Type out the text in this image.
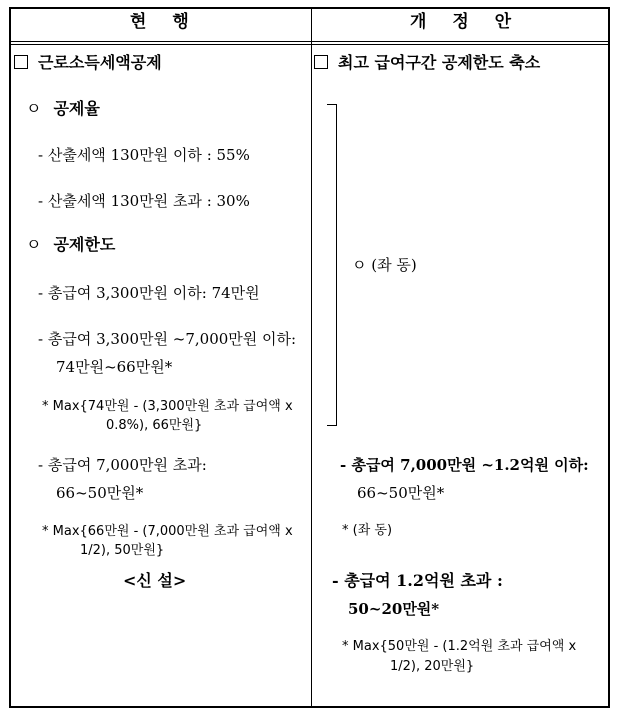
현 행	개 정 안
근로소득세액공제
ㅇ 공제율
- 산출세액 130만원 이하 : 55%
- 산출세액 130만원 초과 : 30%
ㅇ 공제한도
- 총급여 3,300만원 이하: 74만원
- 총급여 3,300만원 ~7,000만원 이하:
74만원~66만원*
* Max{74만원 - (3,300만원 초과 급여액 x
0.8%), 66만원}
- 총급여 7,000만원 초과:
66~50만원*
* Max{66만원 - (7,000만원 초과 급여액 x
1/2), 50만원}
<신 설>
최고 급여구간 공제한도 축소
ㅇ (좌 동)
- 총급여 7,000만원 ~1.2억원 이하:
66~50만원*
* (좌 동)
- 총급여 1.2억원 초과 :
50~20만원*
* Max{50만원 - (1.2억원 초과 급여액 x
1/2), 20만원}
